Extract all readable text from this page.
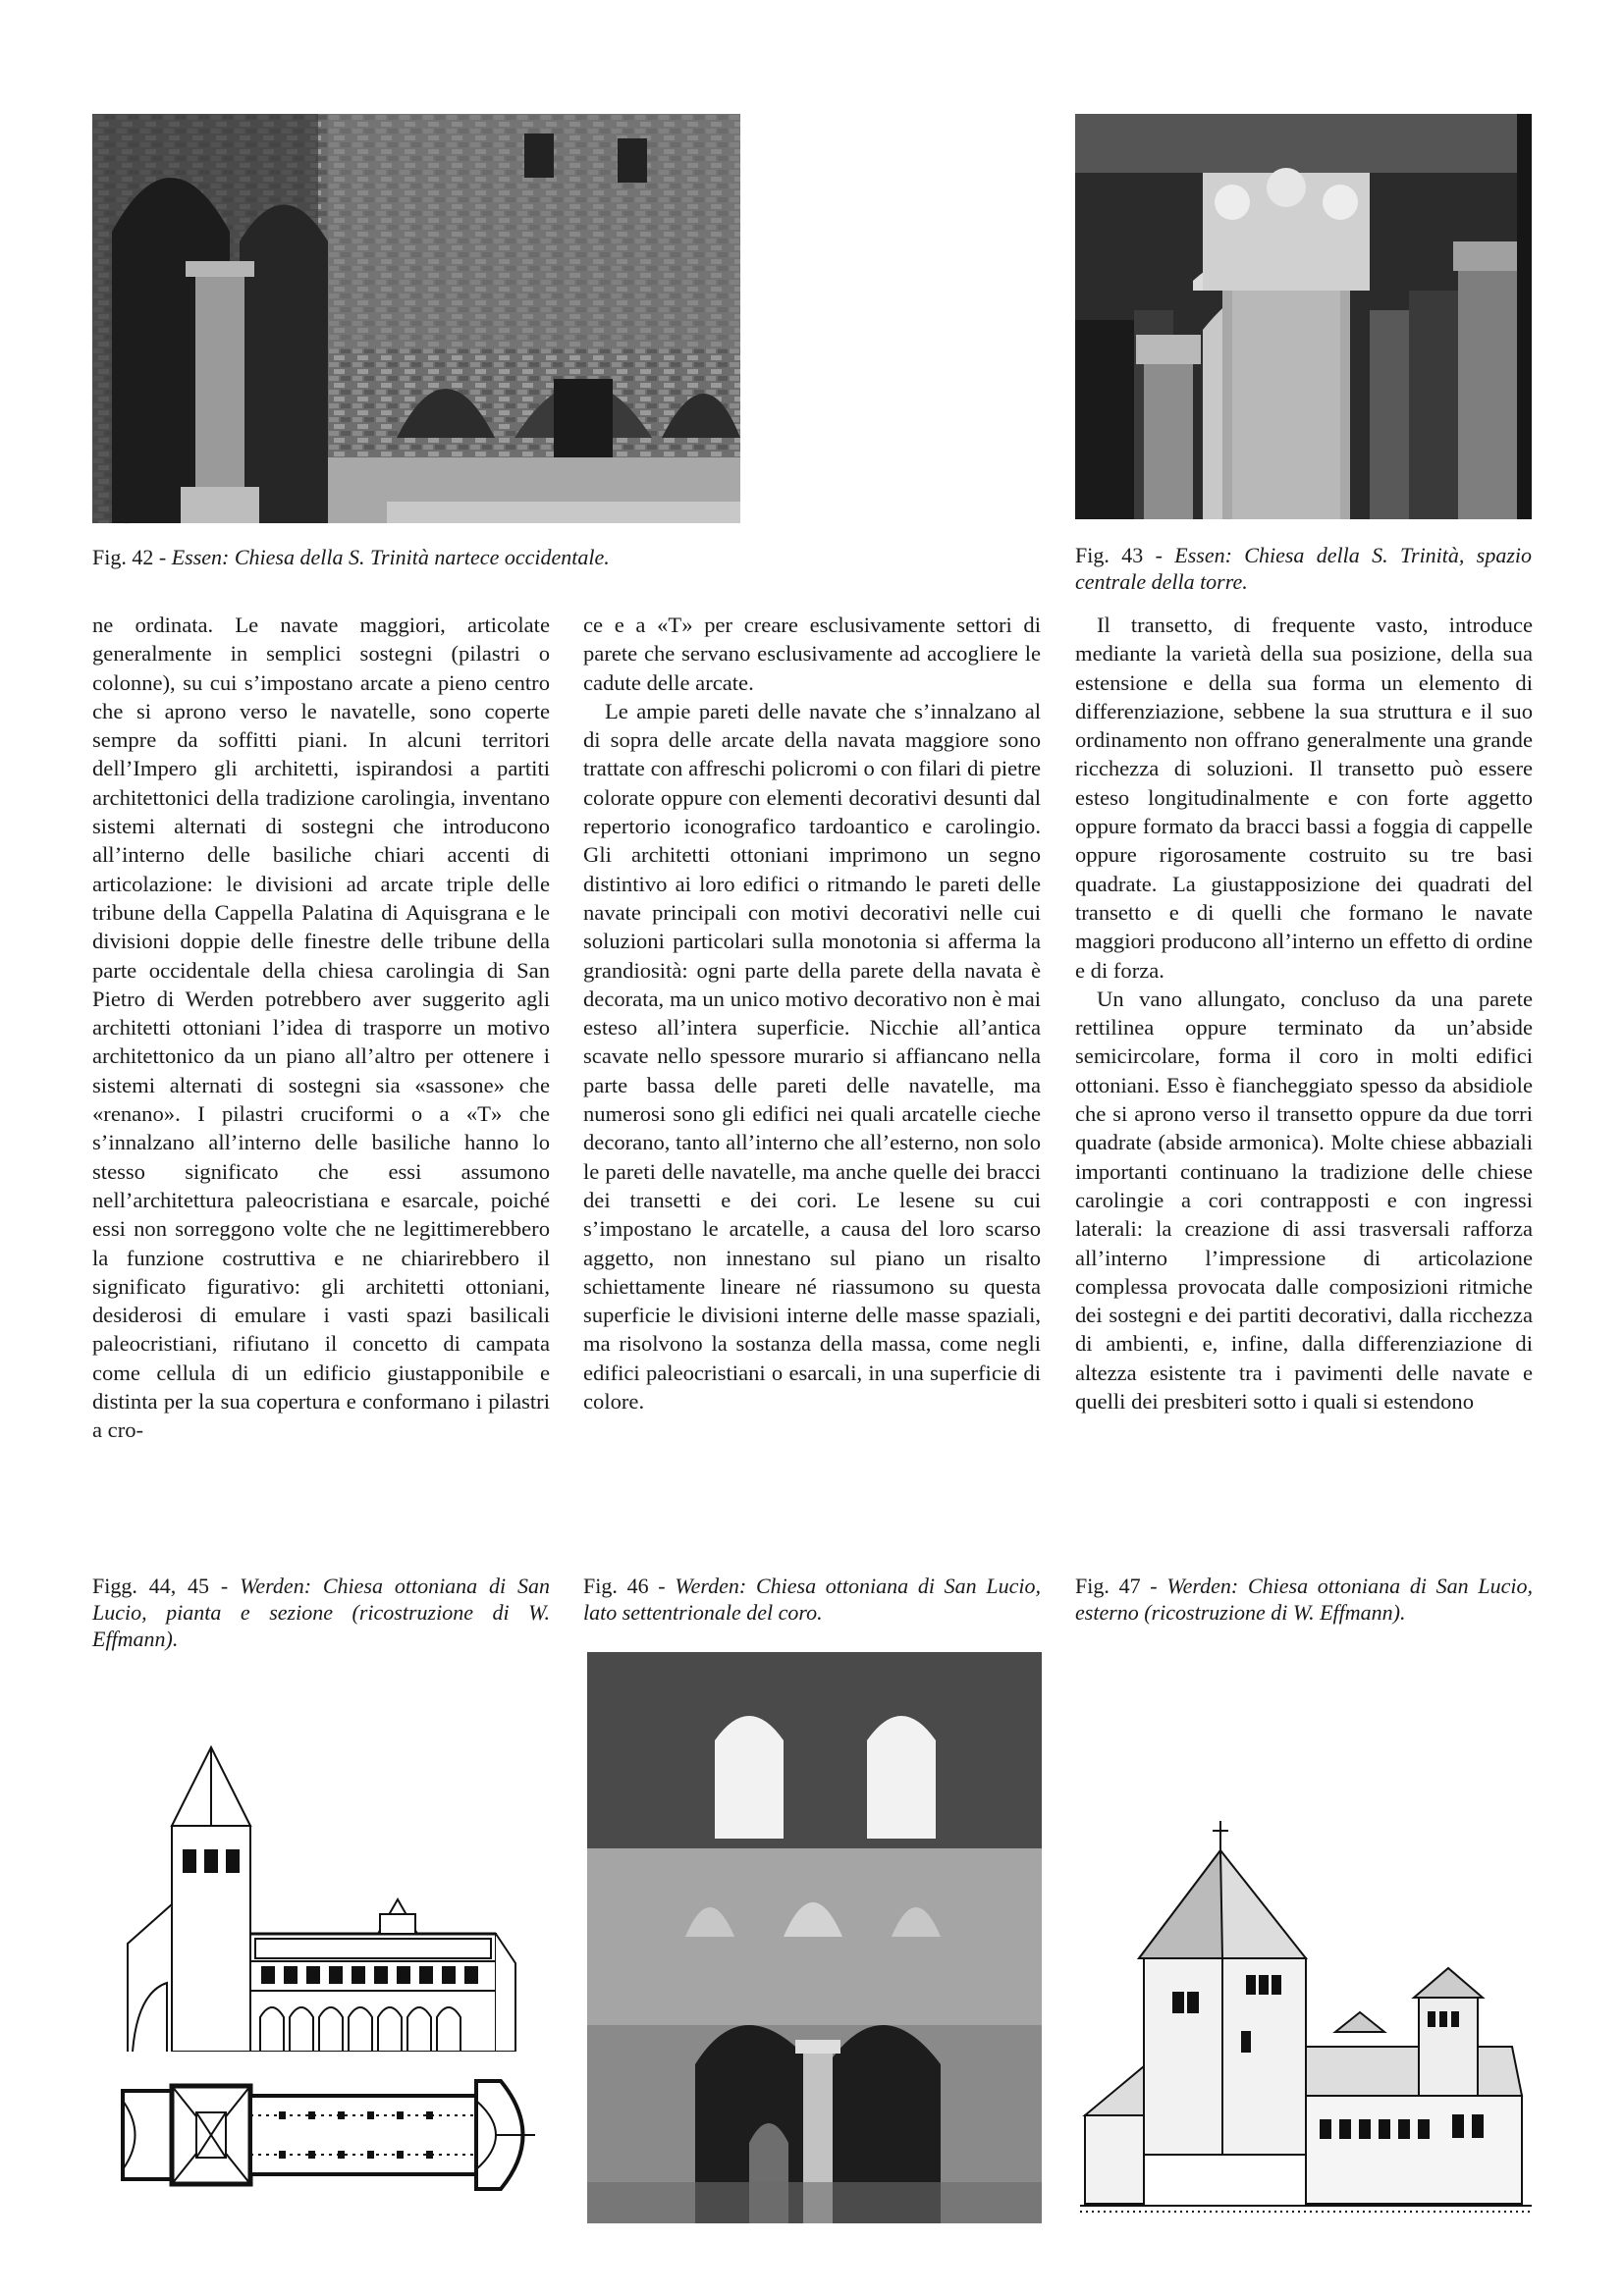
Fig. 42 - Essen: Chiesa della S. Trinità nartece occidentale.	Fig. 43 - Essen: Chiesa della S. Trinità, spazio centrale della torre.

ne ordinata. Le navate maggiori, articolate generalmente in semplici sostegni (pilastri o colonne), su cui s’impostano arcate a pieno centro che si aprono verso le navatelle, sono coperte sempre da soffitti piani. In alcuni territori dell’Impero gli architetti, ispirandosi a partiti architettonici della tradizione carolingia, inventano sistemi alternati di sostegni che introducono all’interno delle basiliche chiari accenti di articolazione: le divisioni ad arcate triple delle tribune della Cappella Palatina di Aquisgrana e le divisioni doppie delle finestre delle tribune della parte occidentale della chiesa carolingia di San Pietro di Werden potrebbero aver suggerito agli architetti ottoniani l’idea di trasporre un motivo architettonico da un piano all’altro per ottenere i sistemi alternati di sostegni sia «sassone» che «renano». I pilastri cruciformi o a «T» che s’innalzano all’interno delle basiliche hanno lo stesso significato che essi assumono nell’architettura paleocristiana e esarcale, poiché essi non sorreggono volte che ne legittimerebbero la funzione costruttiva e ne chiarirebbero il significato figurativo: gli architetti ottoniani, desiderosi di emulare i vasti spazi basilicali paleocristiani, rifiutano il concetto di campata come cellula di un edificio giustapponibile e distinta per la sua copertura e conformano i pilastri a cro-

ce e a «T» per creare esclusivamente settori di parete che servano esclusivamente ad accogliere le cadute delle arcate.

Le ampie pareti delle navate che s’innalzano al di sopra delle arcate della navata maggiore sono trattate con affreschi policromi o con filari di pietre colorate oppure con elementi decorativi desunti dal repertorio iconografico tardoantico e carolingio. Gli architetti ottoniani imprimono un segno distintivo ai loro edifici o ritmando le pareti delle navate principali con motivi decorativi nelle cui soluzioni particolari sulla monotonia si afferma la grandiosità: ogni parte della parete della navata è decorata, ma un unico motivo decorativo non è mai esteso all’intera superficie. Nicchie all’antica scavate nello spessore murario si affiancano nella parte bassa delle pareti delle navatelle, ma numerosi sono gli edifici nei quali arcatelle cieche decorano, tanto all’interno che all’esterno, non solo le pareti delle navatelle, ma anche quelle dei bracci dei transetti e dei cori. Le lesene su cui s’impostano le arcatelle, a causa del loro scarso aggetto, non innestano sul piano un risalto schiettamente lineare né riassumono su questa superficie le divisioni interne delle masse spaziali, ma risolvono la sostanza della massa, come negli edifici paleocristiani o esarcali, in una superficie di colore.

Il transetto, di frequente vasto, introduce mediante la varietà della sua posizione, della sua estensione e della sua forma un elemento di differenziazione, sebbene la sua struttura e il suo ordinamento non offrano generalmente una grande ricchezza di soluzioni. Il transetto può essere esteso longitudinalmente e con forte aggetto oppure formato da bracci bassi a foggia di cappelle oppure rigorosamente costruito su tre basi quadrate. La giustapposizione dei quadrati del transetto e di quelli che formano le navate maggiori producono all’interno un effetto di ordine e di forza.

Un vano allungato, concluso da una parete rettilinea oppure terminato da un’abside semicircolare, forma il coro in molti edifici ottoniani. Esso è fiancheggiato spesso da absidiole che si aprono verso il transetto oppure da due torri quadrate (abside armonica). Molte chiese abbaziali importanti continuano la tradizione delle chiese carolingie a cori contrapposti e con ingressi laterali: la creazione di assi trasversali rafforza all’interno l’impressione di articolazione complessa provocata dalle composizioni ritmiche dei sostegni e dei partiti decorativi, dalla ricchezza di ambienti, e, infine, dalla differenziazione di altezza esistente tra i pavimenti delle navate e quelli dei presbiteri sotto i quali si estendono

Figg. 44, 45 - Werden: Chiesa ottoniana di San Lucio, pianta e sezione (ricostruzione di W. Effmann).
Fig. 46 - Werden: Chiesa ottoniana di San Lucio, lato settentrionale del coro.
Fig. 47 - Werden: Chiesa ottoniana di San Lucio, esterno (ricostruzione di W. Effmann).
